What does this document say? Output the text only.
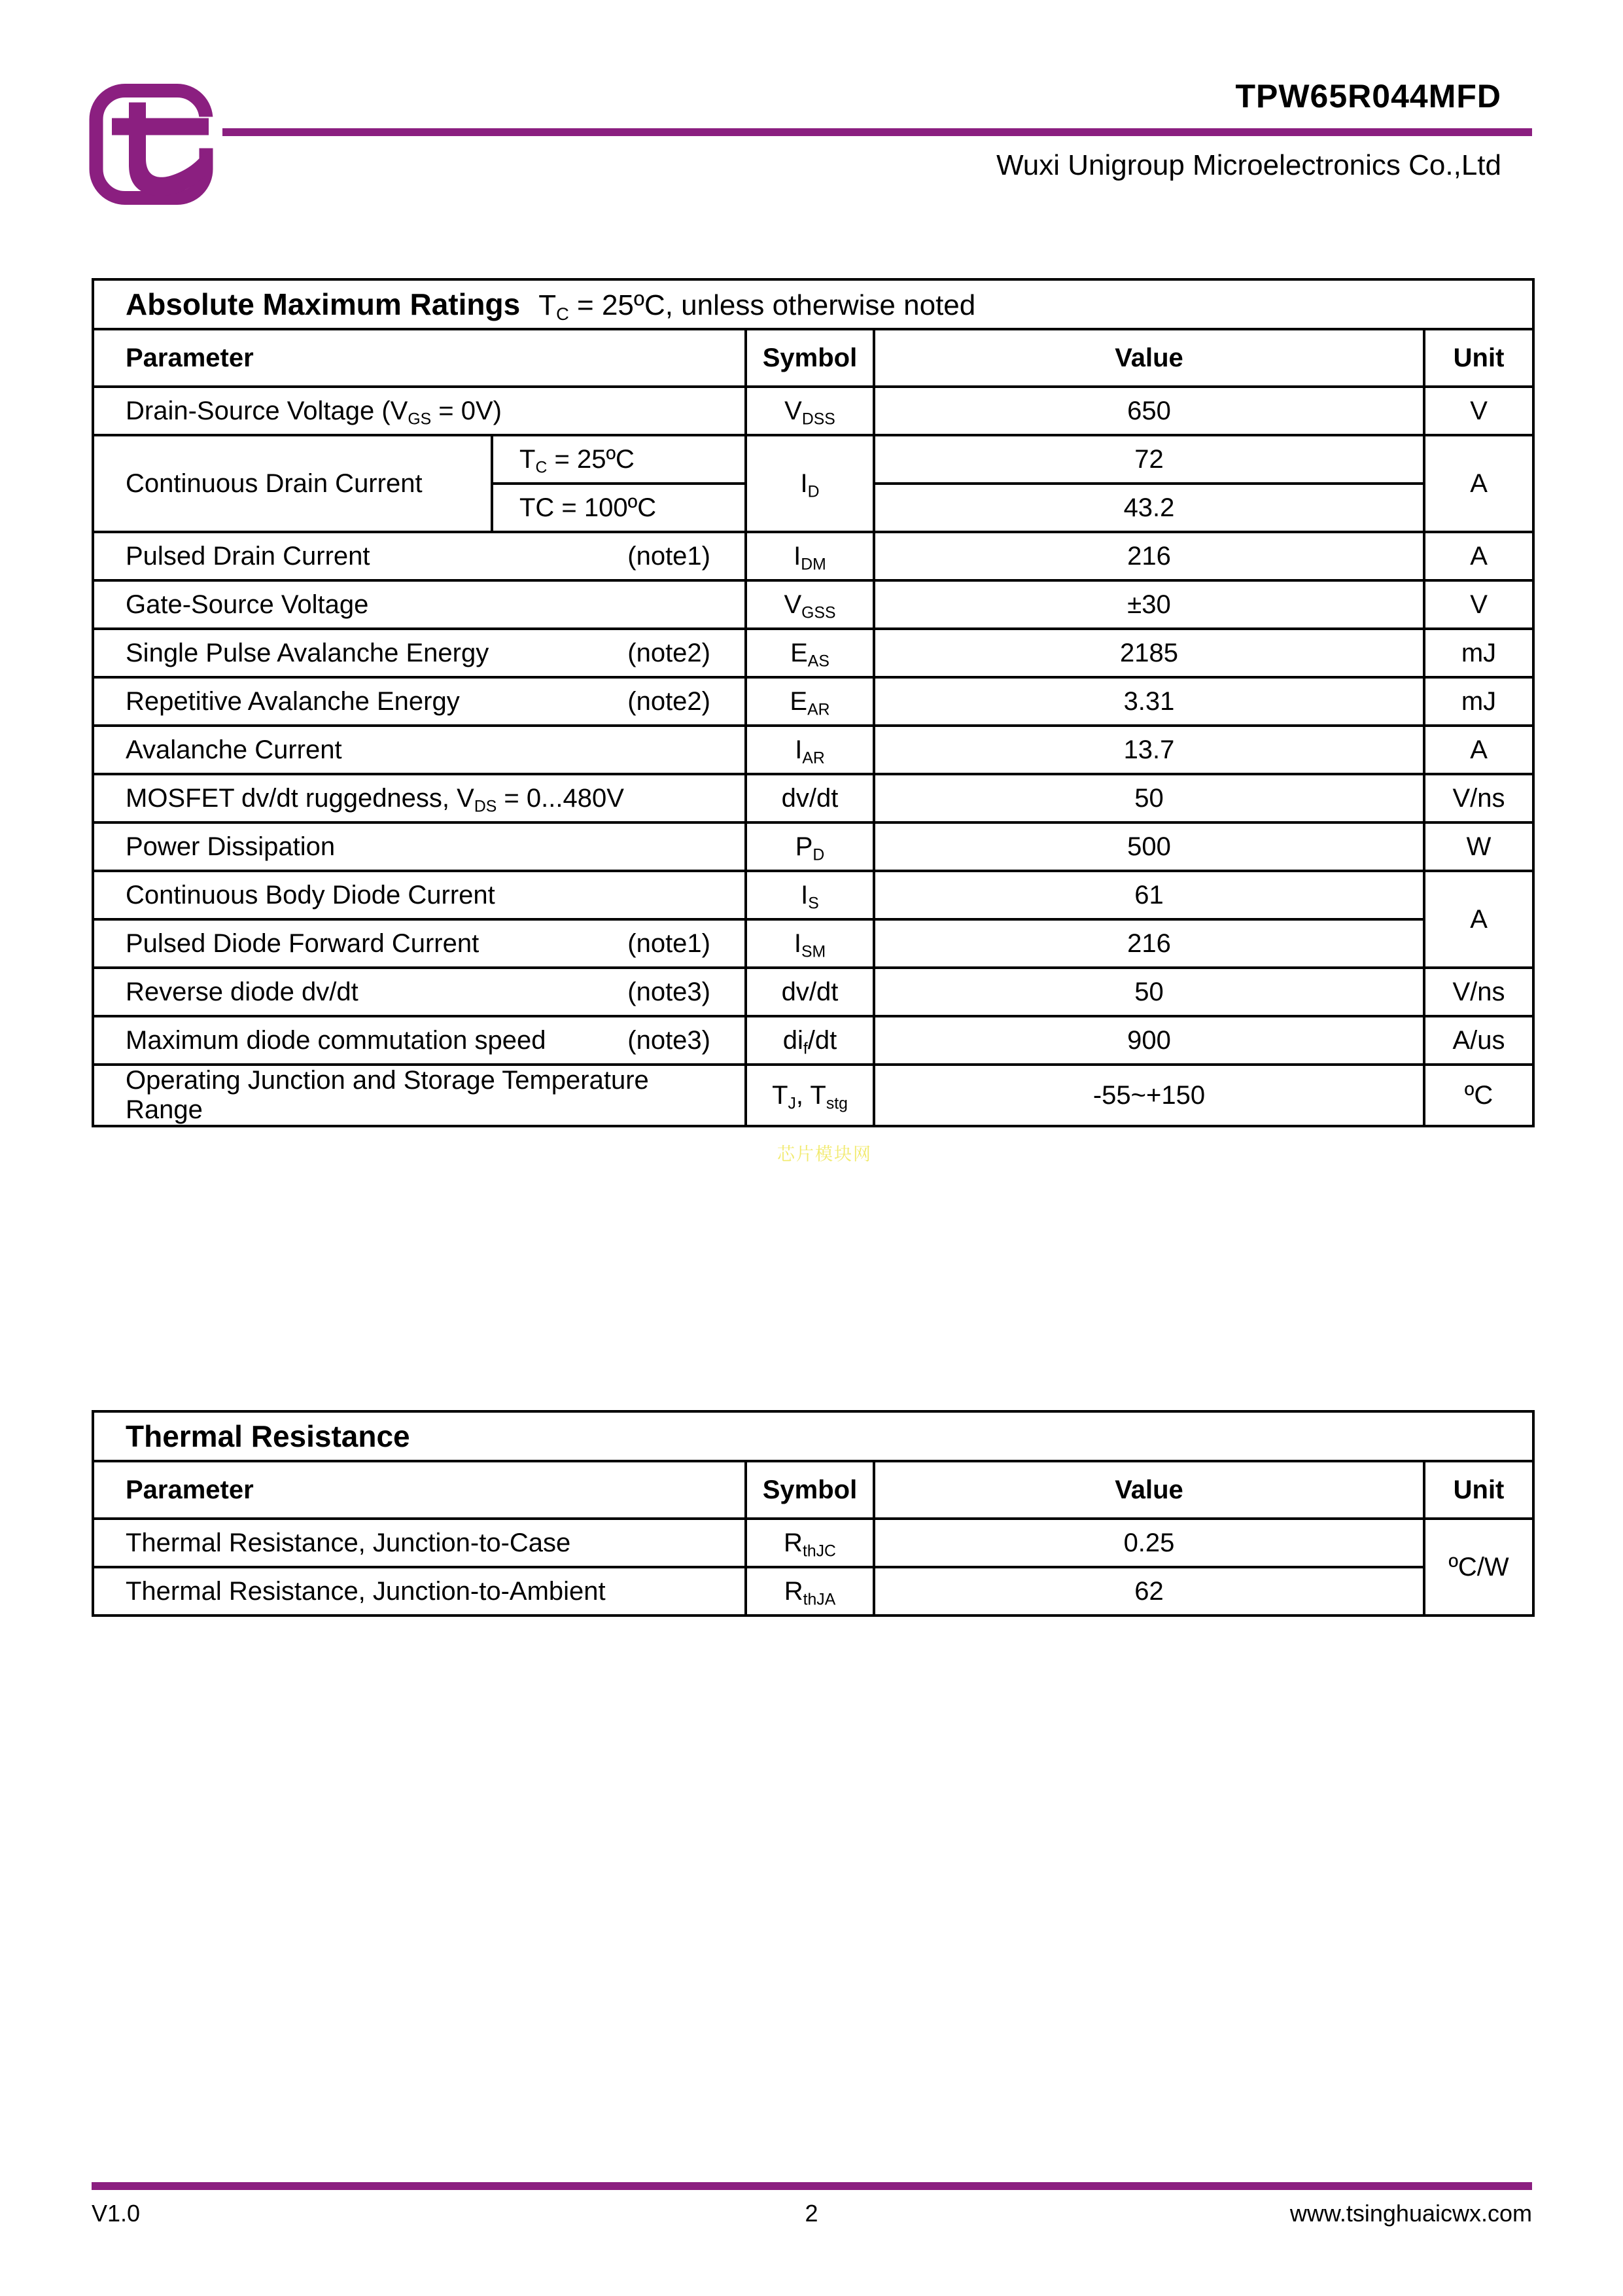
TPW65R044MFD
Wuxi Unigroup Microelectronics Co.,Ltd
Absolute Maximum Ratings $T_C$ = 25ºC, unless otherwise noted				
Parameter		Symbol	Value	Unit
Drain-Source Voltage $(V_{GS} = 0V)$		$V_{DSS}$	650	V
Continuous Drain Current	$T_C$ = 25ºC	$I_D$	72	A
	TC = 100ºC		43.2	

Pulsed Drain Current (note1)		$I_{DM}$	216	A
Gate-Source Voltage		$V_{GSS}$	±30	V

Single Pulse Avalanche Energy (note2)		$E_{AS}$	2185	mJ

Repetitive Avalanche Energy (note2)		$E_{AR}$	3.31	mJ
Avalanche Current		$I_{AR}$	13.7	A
MOSFET dv/dt ruggedness, $V_{DS} = 0...480V$		dv/dt	50	V/ns
Power Dissipation		$P_D$	500	W
Continuous Body Diode Current		$I_S$	61	A

Pulsed Diode Forward Current (note1)		$I_{SM}$	216	

Reverse diode dv/dt (note3)		dv/dt	50	V/ns

Maximum diode commutation speed (note3)		$di_f/dt$	900	A/us
Operating Junction and Storage Temperature Range		$T_J$, $T_{stg}$	-55~+150	ºC
芯片模块网
Thermal Resistance			
Parameter	Symbol	Value	Unit
Thermal Resistance, Junction-to-Case	$R_{thJC}$	0.25	ºC/W
Thermal Resistance, Junction-to-Ambient	$R_{thJA}$	62	
V1.0	2	www.tsinghuaicwx.com
